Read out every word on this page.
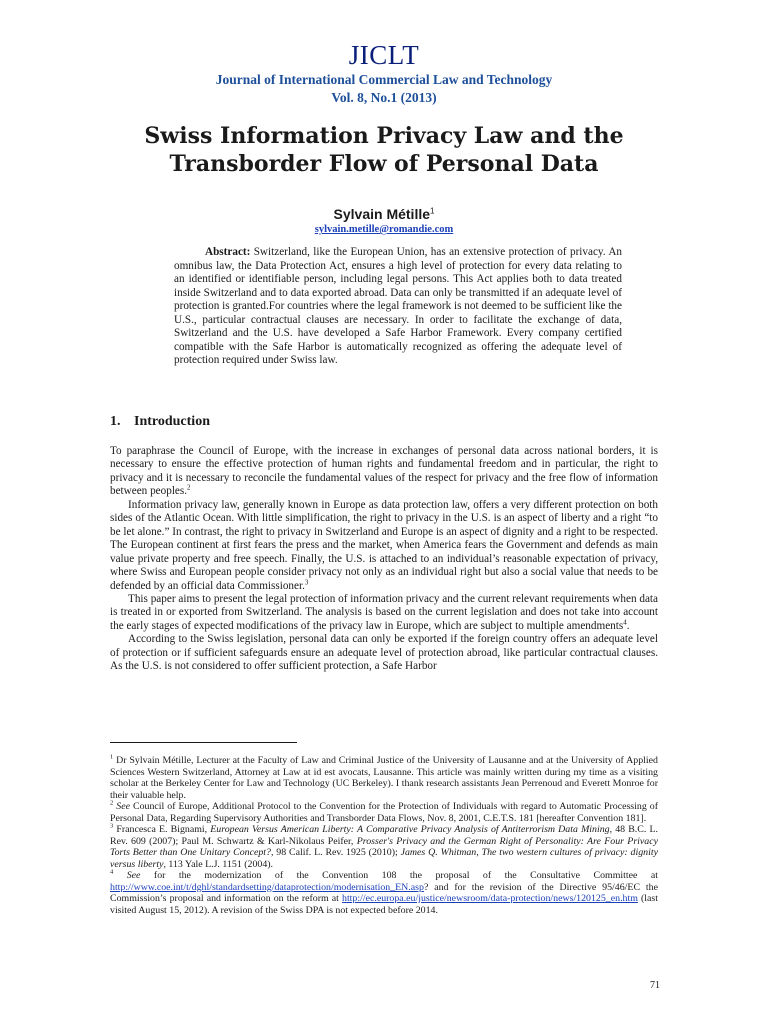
JICLT
Journal of International Commercial Law and Technology
Vol. 8, No.1 (2013)
Swiss Information Privacy Law and the Transborder Flow of Personal Data
Sylvain Métille$^1$
sylvain.metille@romandie.com
Abstract: Switzerland, like the European Union, has an extensive protection of privacy. An omnibus law, the Data Protection Act, ensures a high level of protection for every data relating to an identified or identifiable person, including legal persons. This Act applies both to data treated inside Switzerland and to data exported abroad. Data can only be transmitted if an adequate level of protection is granted.For countries where the legal framework is not deemed to be sufficient like the U.S., particular contractual clauses are necessary. In order to facilitate the exchange of data, Switzerland and the U.S. have developed a Safe Harbor Framework. Every company certified compatible with the Safe Harbor is automatically recognized as offering the adequate level of protection required under Swiss law.
1. Introduction

To paraphrase the Council of Europe, with the increase in exchanges of personal data across national borders, it is necessary to ensure the effective protection of human rights and fundamental freedom and in particular, the right to privacy and it is necessary to reconcile the fundamental values of the respect for privacy and the free flow of information between peoples.$^2$

Information privacy law, generally known in Europe as data protection law, offers a very different protection on both sides of the Atlantic Ocean. With little simplification, the right to privacy in the U.S. is an aspect of liberty and a right “to be let alone.” In contrast, the right to privacy in Switzerland and Europe is an aspect of dignity and a right to be respected. The European continent at first fears the press and the market, when America fears the Government and defends as main value private property and free speech. Finally, the U.S. is attached to an individual’s reasonable expectation of privacy, where Swiss and European people consider privacy not only as an individual right but also a social value that needs to be defended by an official data Commissioner.$^3$

This paper aims to present the legal protection of information privacy and the current relevant requirements when data is treated in or exported from Switzerland. The analysis is based on the current legislation and does not take into account the early stages of expected modifications of the privacy law in Europe, which are subject to multiple amendments$^4$.

According to the Swiss legislation, personal data can only be exported if the foreign country offers an adequate level of protection or if sufficient safeguards ensure an adequate level of protection abroad, like particular contractual clauses. As the U.S. is not considered to offer sufficient protection, a Safe Harbor

$^1$ Dr Sylvain Métille, Lecturer at the Faculty of Law and Criminal Justice of the University of Lausanne and at the University of Applied Sciences Western Switzerland, Attorney at Law at id est avocats, Lausanne. This article was mainly written during my time as a visiting scholar at the Berkeley Center for Law and Technology (UC Berkeley). I thank research assistants Jean Perrenoud and Everett Monroe for their valuable help.

$^2$ See Council of Europe, Additional Protocol to the Convention for the Protection of Individuals with regard to Automatic Processing of Personal Data, Regarding Supervisory Authorities and Transborder Data Flows, Nov. 8, 2001, C.E.T.S. 181 [hereafter Convention 181].

$^3$ Francesca E. Bignami, European Versus American Liberty: A Comparative Privacy Analysis of Antiterrorism Data Mining, 48 B.C. L. Rev. 609 (2007); Paul M. Schwartz & Karl-Nikolaus Peifer, Prosser's Privacy and the German Right of Personality: Are Four Privacy Torts Better than One Unitary Concept?, 98 Calif. L. Rev. 1925 (2010); James Q. Whitman, The two western cultures of privacy: dignity versus liberty, 113 Yale L.J. 1151 (2004).

$^4$ See for the modernization of the Convention 108 the proposal of the Consultative Committee at http://www.coe.int/t/dghl/standardsetting/dataprotection/modernisation_EN.asp? and for the revision of the Directive 95/46/EC the Commission’s proposal and information on the reform at http://ec.europa.eu/justice/newsroom/data-protection/news/120125_en.htm (last visited August 15, 2012). A revision of the Swiss DPA is not expected before 2014.

71
